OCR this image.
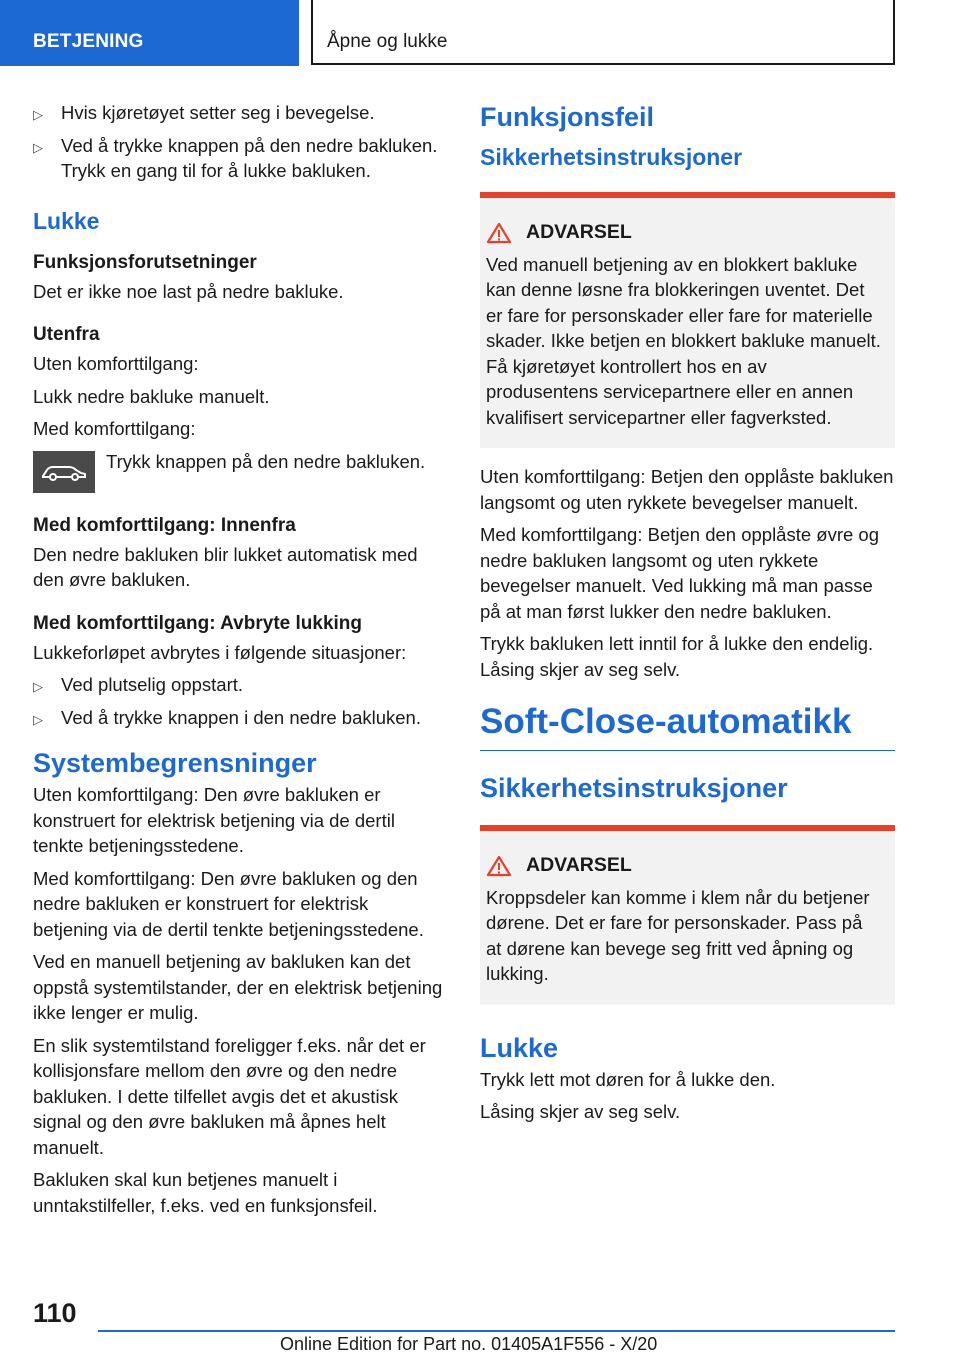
BETJENING	Åpne og lukke
▷ Hvis kjøretøyet setter seg i bevegelse.
▷ Ved å trykke knappen på den nedre bakluken. Trykk en gang til for å lukke bakluken.
Lukke
Funksjonsforutsetninger

Det er ikke noe last på nedre bakluke.

Utenfra

Uten komforttilgang:

Lukk nedre bakluke manuelt.

Med komforttilgang:

Trykk knappen på den nedre bakluken.
Med komforttilgang: Innenfra

Den nedre bakluken blir lukket automatisk med den øvre bakluken.

Med komforttilgang: Avbryte lukking

Lukkeforløpet avbrytes i følgende situasjoner:

▷ Ved plutselig oppstart.
▷ Ved å trykke knappen i den nedre bakluken.
Systembegrensninger

Uten komforttilgang: Den øvre bakluken er konstruert for elektrisk betjening via de dertil tenkte betjeningsstedene.

Med komforttilgang: Den øvre bakluken og den nedre bakluken er konstruert for elektrisk betjening via de dertil tenkte betjeningsstedene.

Ved en manuell betjening av bakluken kan det oppstå systemtilstander, der en elektrisk betjening ikke lenger er mulig.

En slik systemtilstand foreligger f.eks. når det er kollisjonsfare mellom den øvre og den nedre bakluken. I dette tilfellet avgis det et akustisk signal og den øvre bakluken må åpnes helt manuelt.

Bakluken skal kun betjenes manuelt i unntakstilfeller, f.eks. ved en funksjonsfeil.

Funksjonsfeil
Sikkerhetsinstruksjoner
ADVARSEL

Ved manuell betjening av en blokkert bakluke kan denne løsne fra blokkeringen uventet. Det er fare for personskader eller fare for materielle skader. Ikke betjen en blokkert bakluke manuelt. Få kjøretøyet kontrollert hos en av produsentens servicepartnere eller en annen kvalifisert servicepartner eller fagverksted.

Uten komforttilgang: Betjen den opplåste bakluken langsomt og uten rykkete bevegelser manuelt.

Med komforttilgang: Betjen den opplåste øvre og nedre bakluken langsomt og uten rykkete bevegelser manuelt. Ved lukking må man passe på at man først lukker den nedre bakluken.

Trykk bakluken lett inntil for å lukke den endelig. Låsing skjer av seg selv.

Soft-Close-automatikk
Sikkerhetsinstruksjoner
ADVARSEL

Kroppsdeler kan komme i klem når du betjener dørene. Det er fare for personskader. Pass på at dørene kan bevege seg fritt ved åpning og lukking.

Lukke

Trykk lett mot døren for å lukke den.

Låsing skjer av seg selv.

110
Online Edition for Part no. 01405A1F556 - X/20
